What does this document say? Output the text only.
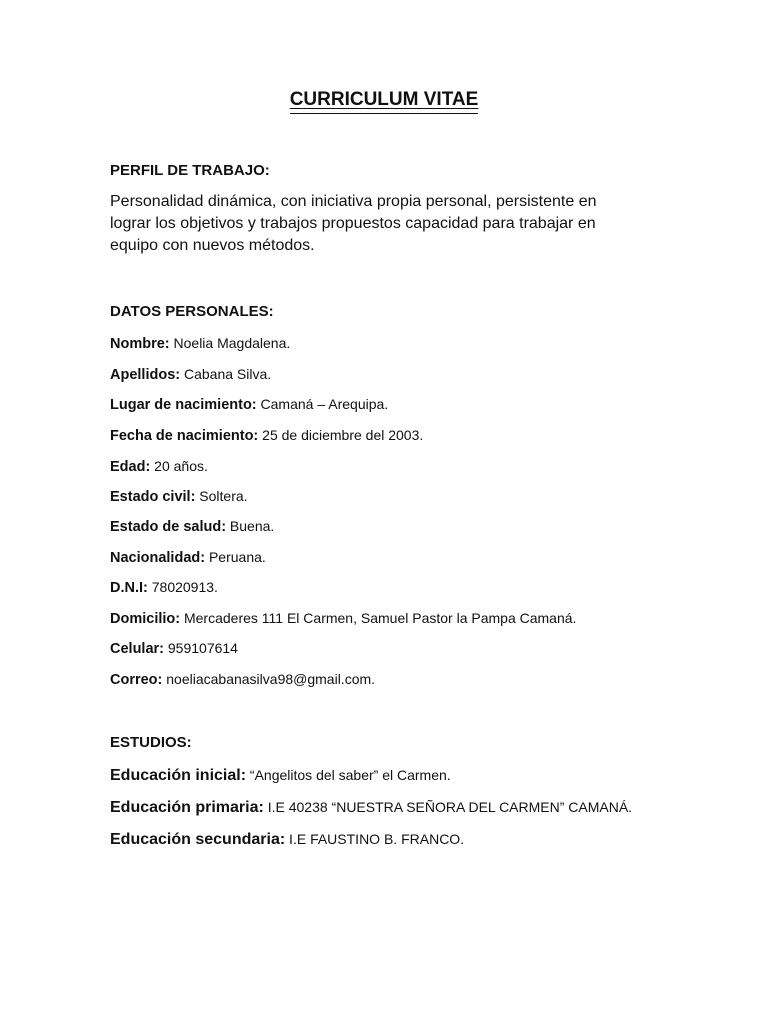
CURRICULUM VITAE
PERFIL DE TRABAJO:
Personalidad dinámica, con iniciativa propia personal, persistente en lograr los objetivos y trabajos propuestos capacidad para trabajar en equipo con nuevos métodos.
DATOS PERSONALES:
Nombre: Noelia Magdalena.
Apellidos: Cabana Silva.
Lugar de nacimiento: Camaná – Arequipa.
Fecha de nacimiento: 25 de diciembre del 2003.
Edad: 20 años.
Estado civil: Soltera.
Estado de salud: Buena.
Nacionalidad: Peruana.
D.N.I: 78020913.
Domicilio: Mercaderes 111 El Carmen, Samuel Pastor la Pampa Camaná.
Celular: 959107614
Correo: noeliacabanasilva98@gmail.com.
ESTUDIOS:
Educación inicial: “Angelitos del saber” el Carmen.
Educación primaria: I.E 40238 “NUESTRA SEÑORA DEL CARMEN” CAMANÁ.
Educación secundaria: I.E FAUSTINO B. FRANCO.
